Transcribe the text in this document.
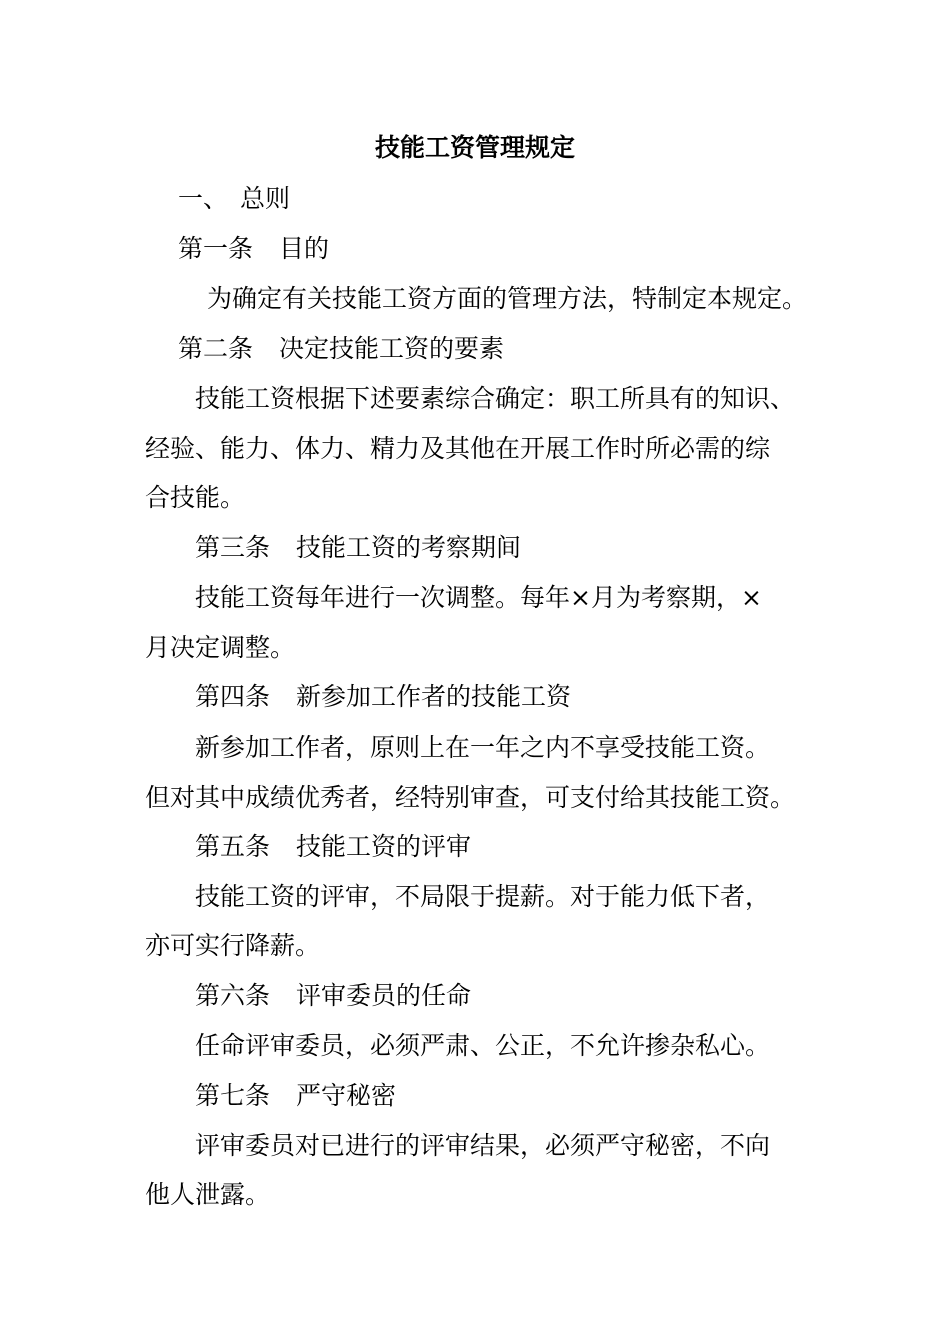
技能工资管理规定
一、 总则
第一条 目的
为确定有关技能工资方面的管理方法，特制定本规定。
第二条 决定技能工资的要素
技能工资根据下述要素综合确定：职工所具有的知识、
经验、能力、体力、精力及其他在开展工作时所必需的综
合技能。
第三条 技能工资的考察期间
技能工资每年进行一次调整。每年×月为考察期，×
月决定调整。
第四条 新参加工作者的技能工资
新参加工作者，原则上在一年之内不享受技能工资。
但对其中成绩优秀者，经特别审查，可支付给其技能工资。
第五条 技能工资的评审
技能工资的评审，不局限于提薪。对于能力低下者，
亦可实行降薪。
第六条 评审委员的任命
任命评审委员，必须严肃、公正，不允许掺杂私心。
第七条 严守秘密
评审委员对已进行的评审结果，必须严守秘密，不向
他人泄露。
